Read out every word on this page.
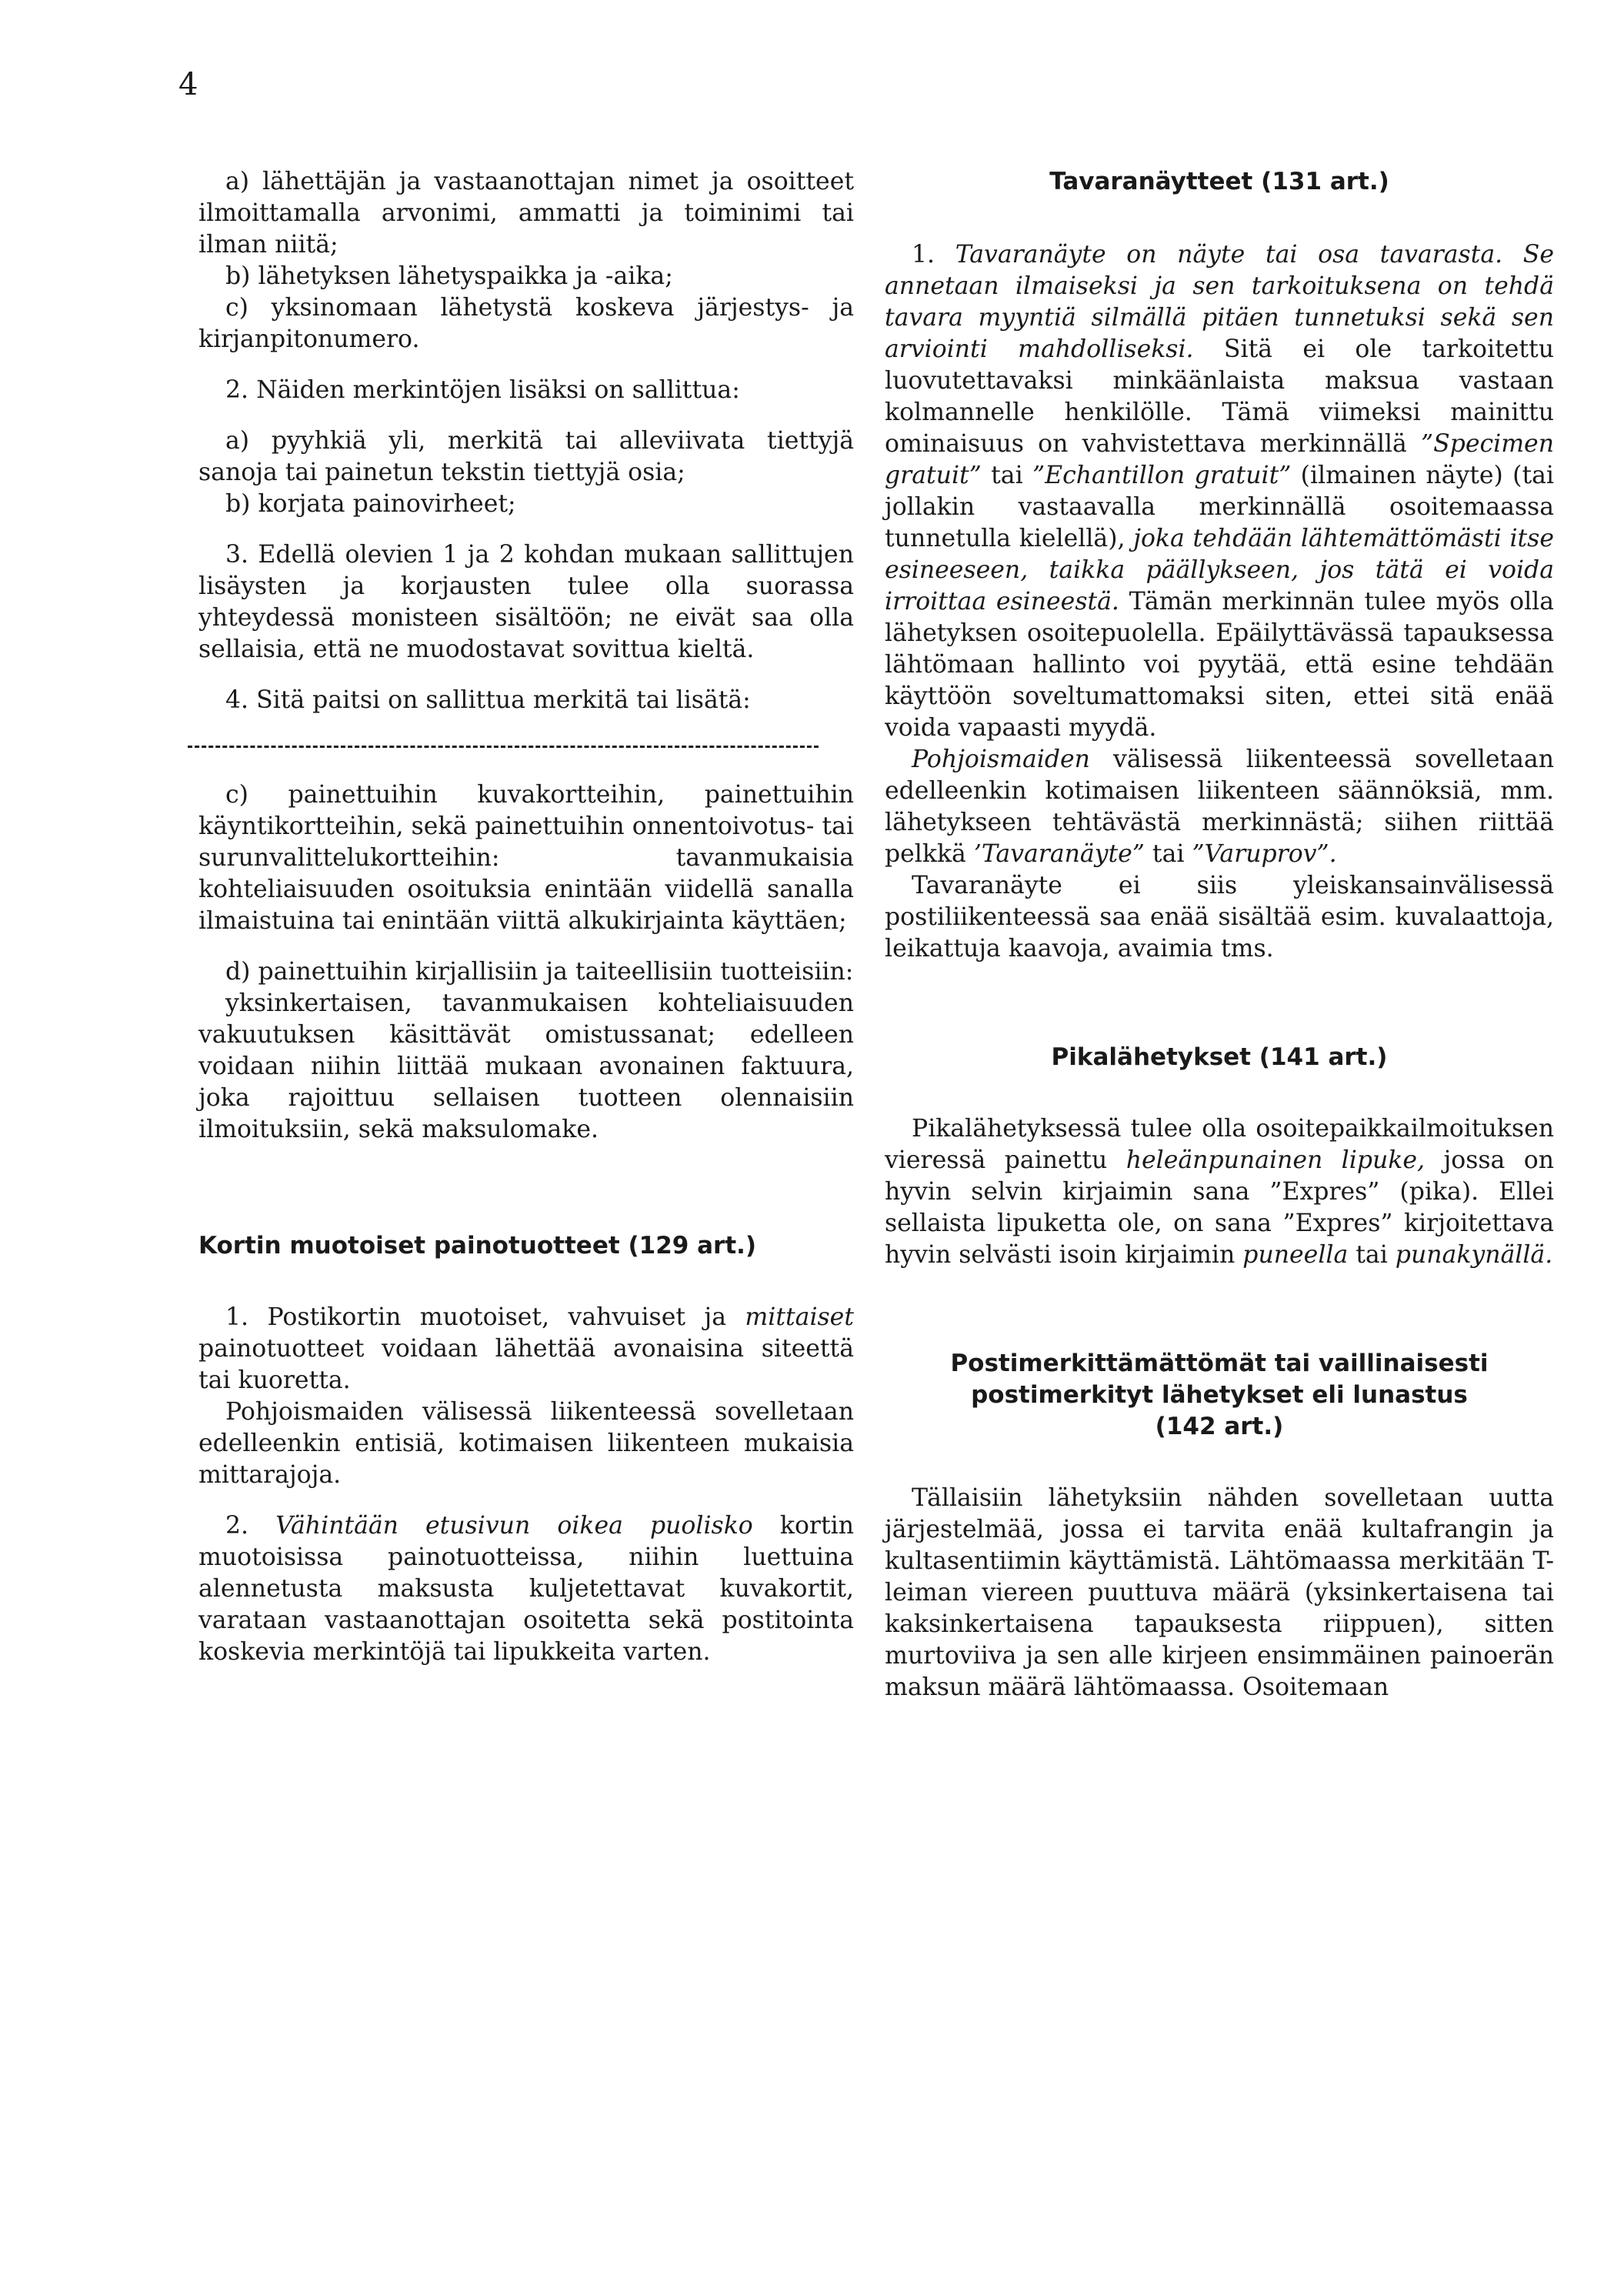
4

a) lähettäjän ja vastaanottajan nimet ja osoitteet ilmoittamalla arvonimi, ammatti ja toiminimi tai ilman niitä;

b) lähetyksen lähetyspaikka ja -aika;

c) yksinomaan lähetystä koskeva järjestys- ja kirjanpitonumero.

2. Näiden merkintöjen lisäksi on sallittua:

a) pyyhkiä yli, merkitä tai alleviivata tiettyjä sanoja tai painetun tekstin tiettyjä osia;

b) korjata painovirheet;

3. Edellä olevien 1 ja 2 kohdan mukaan sallittujen lisäysten ja korjausten tulee olla suorassa yhteydessä monisteen sisältöön; ne eivät saa olla sellaisia, että ne muodostavat sovittua kieltä.

4. Sitä paitsi on sallittua merkitä tai lisätä:

c) painettuihin kuvakortteihin, painettuihin käyntikortteihin, sekä painettuihin onnentoivotus- tai surunvalittelukortteihin: tavanmukaisia kohteliaisuuden osoituksia enintään viidellä sanalla ilmaistuina tai enintään viittä alkukirjainta käyttäen;

d) painettuihin kirjallisiin ja taiteellisiin tuotteisiin:

yksinkertaisen, tavanmukaisen kohteliaisuuden vakuutuksen käsittävät omistussanat; edelleen voidaan niihin liittää mukaan avonainen faktuura, joka rajoittuu sellaisen tuotteen olennaisiin ilmoituksiin, sekä maksulomake.

Kortin muotoiset painotuotteet (129 art.)

1. Postikortin muotoiset, vahvuiset ja mittaiset painotuotteet voidaan lähettää avonaisina siteettä tai kuoretta.

Pohjoismaiden välisessä liikenteessä sovelletaan edelleenkin entisiä, kotimaisen liikenteen mukaisia mittarajoja.

2. Vähintään etusivun oikea puolisko kortin muotoisissa painotuotteissa, niihin luettuina alennetusta maksusta kuljetettavat kuvakortit, varataan vastaanottajan osoitetta sekä postitointa koskevia merkintöjä tai lipukkeita varten.

Tavaranäytteet (131 art.)

1. Tavaranäyte on näyte tai osa tavarasta. Se annetaan ilmaiseksi ja sen tarkoituksena on tehdä tavara myyntiä silmällä pitäen tunnetuksi sekä sen arviointi mahdolliseksi. Sitä ei ole tarkoitettu luovutettavaksi minkäänlaista maksua vastaan kolmannelle henkilölle. Tämä viimeksi mainittu ominaisuus on vahvistettava merkinnällä ”Specimen gratuit” tai ”Echantillon gratuit” (ilmainen näyte) (tai jollakin vastaavalla merkinnällä osoitemaassa tunnetulla kielellä), joka tehdään lähtemättömästi itse esineeseen, taikka päällykseen, jos tätä ei voida irroittaa esineestä. Tämän merkinnän tulee myös olla lähetyksen osoitepuolella. Epäilyttävässä tapauksessa lähtömaan hallinto voi pyytää, että esine tehdään käyttöön soveltumattomaksi siten, ettei sitä enää voida vapaasti myydä.

Pohjoismaiden välisessä liikenteessä sovelletaan edelleenkin kotimaisen liikenteen säännöksiä, mm. lähetykseen tehtävästä merkinnästä; siihen riittää pelkkä ’Tavaranäyte” tai ”Varuprov”.

Tavaranäyte ei siis yleiskansainvälisessä postiliikenteessä saa enää sisältää esim. kuvalaattoja, leikattuja kaavoja, avaimia tms.

Pikalähetykset (141 art.)

Pikalähetyksessä tulee olla osoitepaikkailmoituksen vieressä painettu heleänpunainen lipuke, jossa on hyvin selvin kirjaimin sana ”Expres” (pika). Ellei sellaista lipuketta ole, on sana ”Expres” kirjoitettava hyvin selvästi isoin kirjaimin puneella tai punakynällä.

Postimerkittämättömät tai vaillinaisesti

postimerkityt lähetykset eli lunastus

(142 art.)

Tällaisiin lähetyksiin nähden sovelletaan uutta järjestelmää, jossa ei tarvita enää kultafrangin ja kultasentiimin käyttämistä. Lähtömaassa merkitään T-leiman viereen puuttuva määrä (yksinkertaisena tai kaksinkertaisena tapauksesta riippuen), sitten murtoviiva ja sen alle kirjeen ensimmäinen painoerän maksun määrä lähtömaassa. Osoitemaan
